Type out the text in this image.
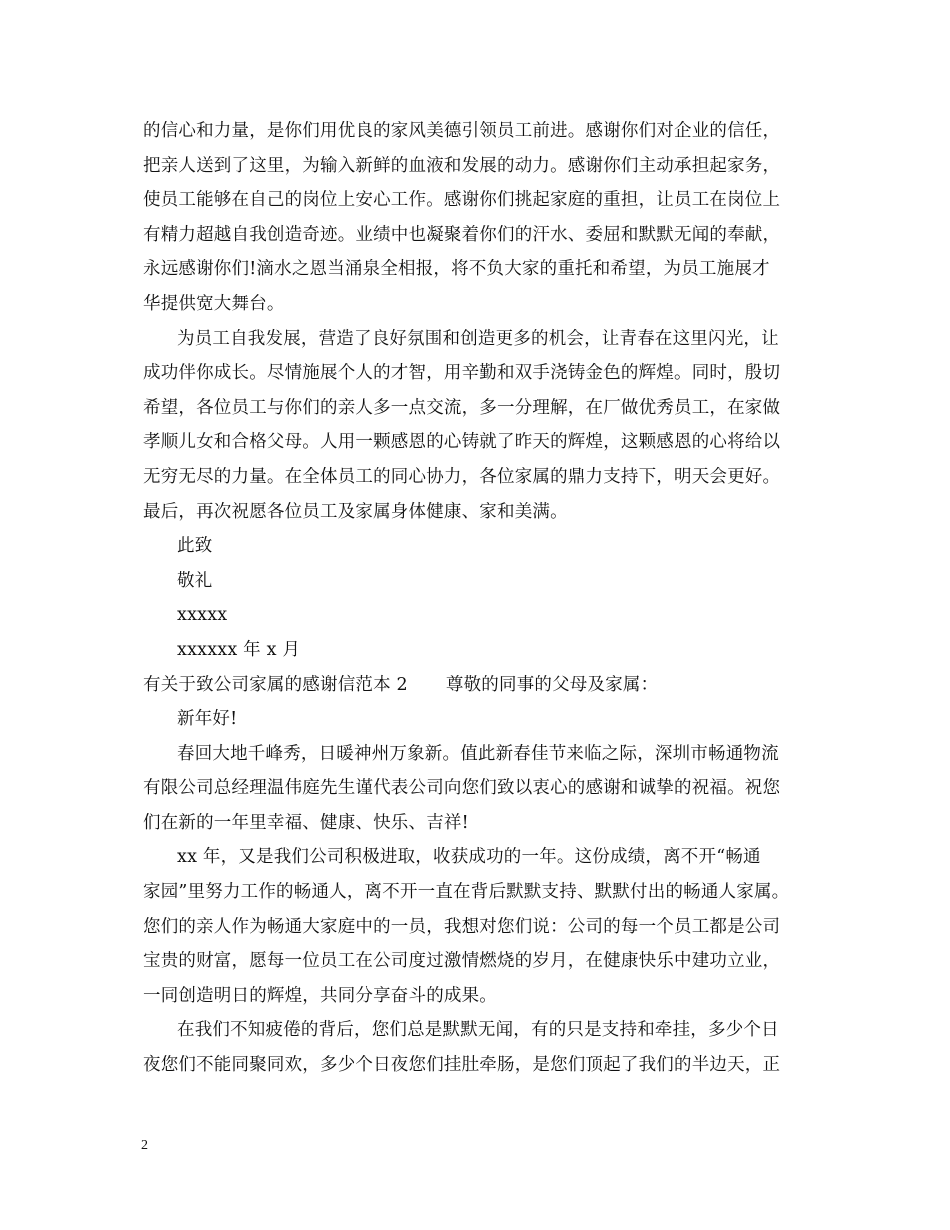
的信心和力量，是你们用优良的家风美德引领员工前进。感谢你们对企业的信任，
把亲人送到了这里，为输入新鲜的血液和发展的动力。感谢你们主动承担起家务，
使员工能够在自己的岗位上安心工作。感谢你们挑起家庭的重担，让员工在岗位上
有精力超越自我创造奇迹。业绩中也凝聚着你们的汗水、委屈和默默无闻的奉献，
永远感谢你们!滴水之恩当涌泉全相报，将不负大家的重托和希望，为员工施展才
华提供宽大舞台。
为员工自我发展，营造了良好氛围和创造更多的机会，让青春在这里闪光，让
成功伴你成长。尽情施展个人的才智，用辛勤和双手浇铸金色的辉煌。同时，殷切
希望，各位员工与你们的亲人多一点交流，多一分理解，在厂做优秀员工，在家做
孝顺儿女和合格父母。人用一颗感恩的心铸就了昨天的辉煌，这颗感恩的心将给以
无穷无尽的力量。在全体员工的同心协力，各位家属的鼎力支持下，明天会更好。
最后，再次祝愿各位员工及家属身体健康、家和美满。
此致
敬礼
xxxxx
xxxxxx 年 x 月
有关于致公司家属的感谢信范本 2 尊敬的同事的父母及家属：
新年好!
春回大地千峰秀，日暖神州万象新。值此新春佳节来临之际，深圳市畅通物流
有限公司总经理温伟庭先生谨代表公司向您们致以衷心的感谢和诚挚的祝福。祝您
们在新的一年里幸福、健康、快乐、吉祥!
xx 年，又是我们公司积极进取，收获成功的一年。这份成绩，离不开“畅通
家园”里努力工作的畅通人，离不开一直在背后默默支持、默默付出的畅通人家属。
您们的亲人作为畅通大家庭中的一员，我想对您们说：公司的每一个员工都是公司
宝贵的财富，愿每一位员工在公司度过激情燃烧的岁月，在健康快乐中建功立业，
一同创造明日的辉煌，共同分享奋斗的成果。
在我们不知疲倦的背后，您们总是默默无闻，有的只是支持和牵挂，多少个日
夜您们不能同聚同欢，多少个日夜您们挂肚牵肠，是您们顶起了我们的半边天，正
2
